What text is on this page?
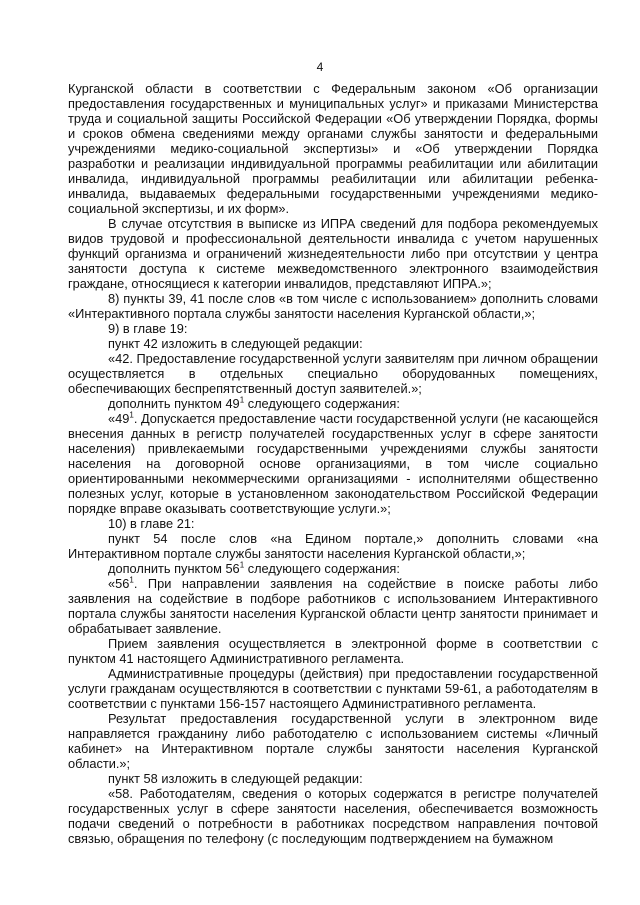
4

Курганской области в соответствии с Федеральным законом «Об организации предоставления государственных и муниципальных услуг» и приказами Министерства труда и социальной защиты Российской Федерации «Об утверждении Порядка, формы и сроков обмена сведениями между органами службы занятости и федеральными учреждениями медико-социальной экспертизы» и «Об утверждении Порядка разработки и реализации индивидуальной программы реабилитации или абилитации инвалида, индивидуальной программы реабилитации или абилитации ребенка-инвалида, выдаваемых федеральными государственными учреждениями медико-социальной экспертизы, и их форм».

В случае отсутствия в выписке из ИПРА сведений для подбора рекомендуемых видов трудовой и профессиональной деятельности инвалида с учетом нарушенных функций организма и ограничений жизнедеятельности либо при отсутствии у центра занятости доступа к системе межведомственного электронного взаимодействия граждане, относящиеся к категории инвалидов, представляют ИПРА.»;

8) пункты 39, 41 после слов «в том числе с использованием» дополнить словами «Интерактивного портала службы занятости населения Курганской области,»;

9) в главе 19:

пункт 42 изложить в следующей редакции:

«42. Предоставление государственной услуги заявителям при личном обращении осуществляется в отдельных специально оборудованных помещениях, обеспечивающих беспрепятственный доступ заявителей.»;

дополнить пунктом $49^1$ следующего содержания:

«$49^1$. Допускается предоставление части государственной услуги (не касающейся внесения данных в регистр получателей государственных услуг в сфере занятости населения) привлекаемыми государственными учреждениями службы занятости населения на договорной основе организациями, в том числе социально ориентированными некоммерческими организациями - исполнителями общественно полезных услуг, которые в установленном законодательством Российской Федерации порядке вправе оказывать соответствующие услуги.»;

10) в главе 21:

пункт 54 после слов «на Едином портале,» дополнить словами «на Интерактивном портале службы занятости населения Курганской области,»;

дополнить пунктом $56^1$ следующего содержания:

«$56^1$. При направлении заявления на содействие в поиске работы либо заявления на содействие в подборе работников с использованием Интерактивного портала службы занятости населения Курганской области центр занятости принимает и обрабатывает заявление.

Прием заявления осуществляется в электронной форме в соответствии с пунктом 41 настоящего Административного регламента.

Административные процедуры (действия) при предоставлении государственной услуги гражданам осуществляются в соответствии с пунктами 59-61, а работодателям в соответствии с пунктами 156-157 настоящего Административного регламента.

Результат предоставления государственной услуги в электронном виде направляется гражданину либо работодателю с использованием системы «Личный кабинет» на Интерактивном портале службы занятости населения Курганской области.»;

пункт 58 изложить в следующей редакции:

«58. Работодателям, сведения о которых содержатся в регистре получателей государственных услуг в сфере занятости населения, обеспечивается возможность подачи сведений о потребности в работниках посредством направления почтовой связью, обращения по телефону (с последующим подтверждением на бумажном
